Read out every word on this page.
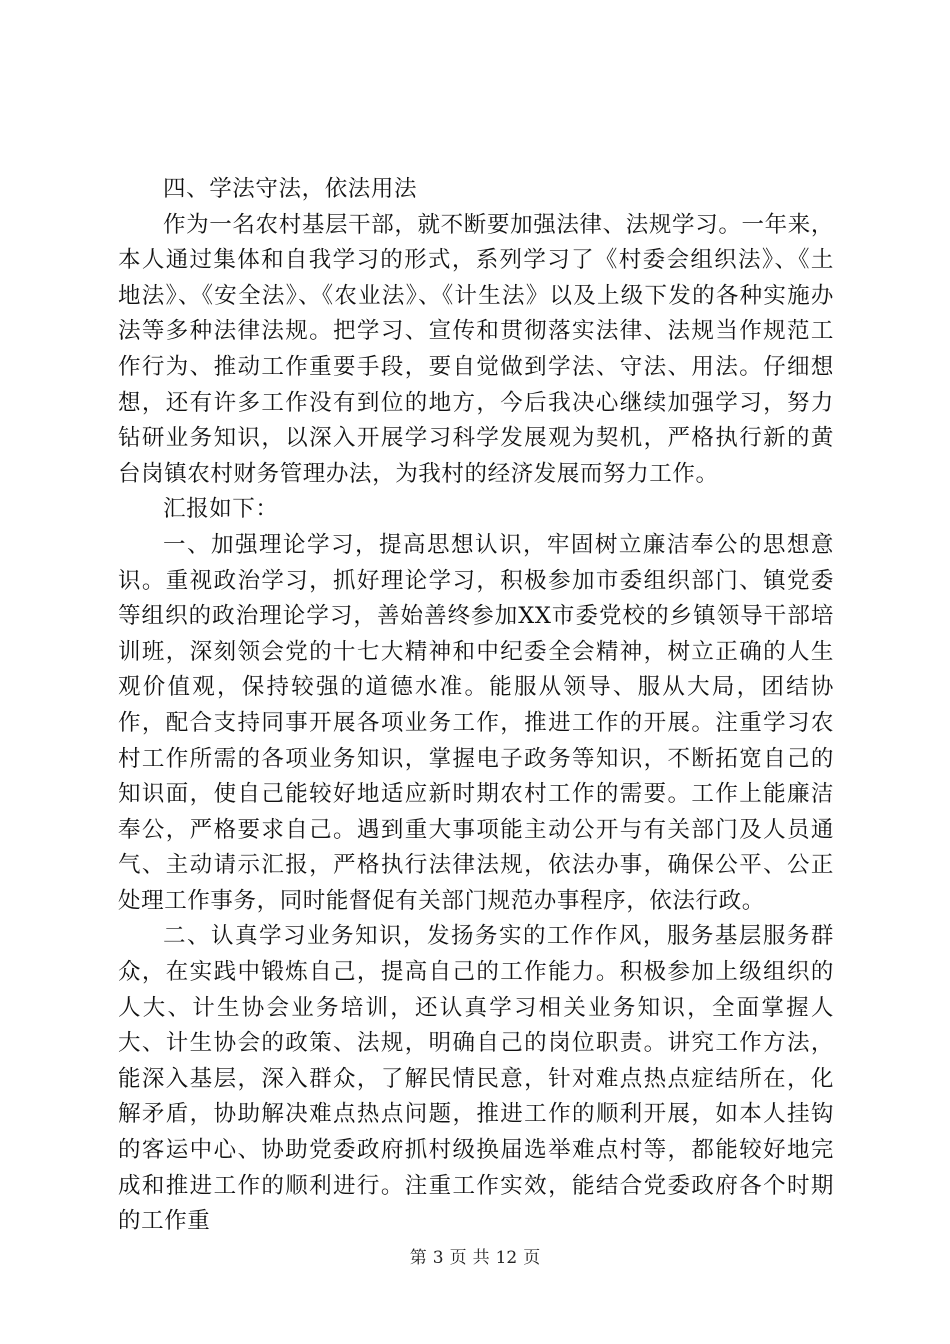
四、学法守法，依法用法

作为一名农村基层干部，就不断要加强法律、法规学习。一年来，本人通过集体和自我学习的形式，系列学习了《村委会组织法》、《土地法》、《安全法》、《农业法》、《计生法》以及上级下发的各种实施办法等多种法律法规。把学习、宣传和贯彻落实法律、法规当作规范工作行为、推动工作重要手段，要自觉做到学法、守法、用法。仔细想想，还有许多工作没有到位的地方，今后我决心继续加强学习，努力钻研业务知识，以深入开展学习科学发展观为契机，严格执行新的黄台岗镇农村财务管理办法，为我村的经济发展而努力工作。

汇报如下：

一、加强理论学习，提高思想认识，牢固树立廉洁奉公的思想意识。重视政治学习，抓好理论学习，积极参加市委组织部门、镇党委等组织的政治理论学习，善始善终参加XX市委党校的乡镇领导干部培训班，深刻领会党的十七大精神和中纪委全会精神，树立正确的人生观价值观，保持较强的道德水准。能服从领导、服从大局，团结协作，配合支持同事开展各项业务工作，推进工作的开展。注重学习农村工作所需的各项业务知识，掌握电子政务等知识，不断拓宽自己的知识面，使自己能较好地适应新时期农村工作的需要。工作上能廉洁奉公，严格要求自己。遇到重大事项能主动公开与有关部门及人员通气、主动请示汇报，严格执行法律法规，依法办事，确保公平、公正处理工作事务，同时能督促有关部门规范办事程序，依法行政。

二、认真学习业务知识，发扬务实的工作作风，服务基层服务群众，在实践中锻炼自己，提高自己的工作能力。积极参加上级组织的人大、计生协会业务培训，还认真学习相关业务知识，全面掌握人大、计生协会的政策、法规，明确自己的岗位职责。讲究工作方法，能深入基层，深入群众，了解民情民意，针对难点热点症结所在，化解矛盾，协助解决难点热点问题，推进工作的顺利开展，如本人挂钩的客运中心、协助党委政府抓村级换届选举难点村等，都能较好地完成和推进工作的顺利进行。注重工作实效，能结合党委政府各个时期的工作重

第 3 页 共 12 页
